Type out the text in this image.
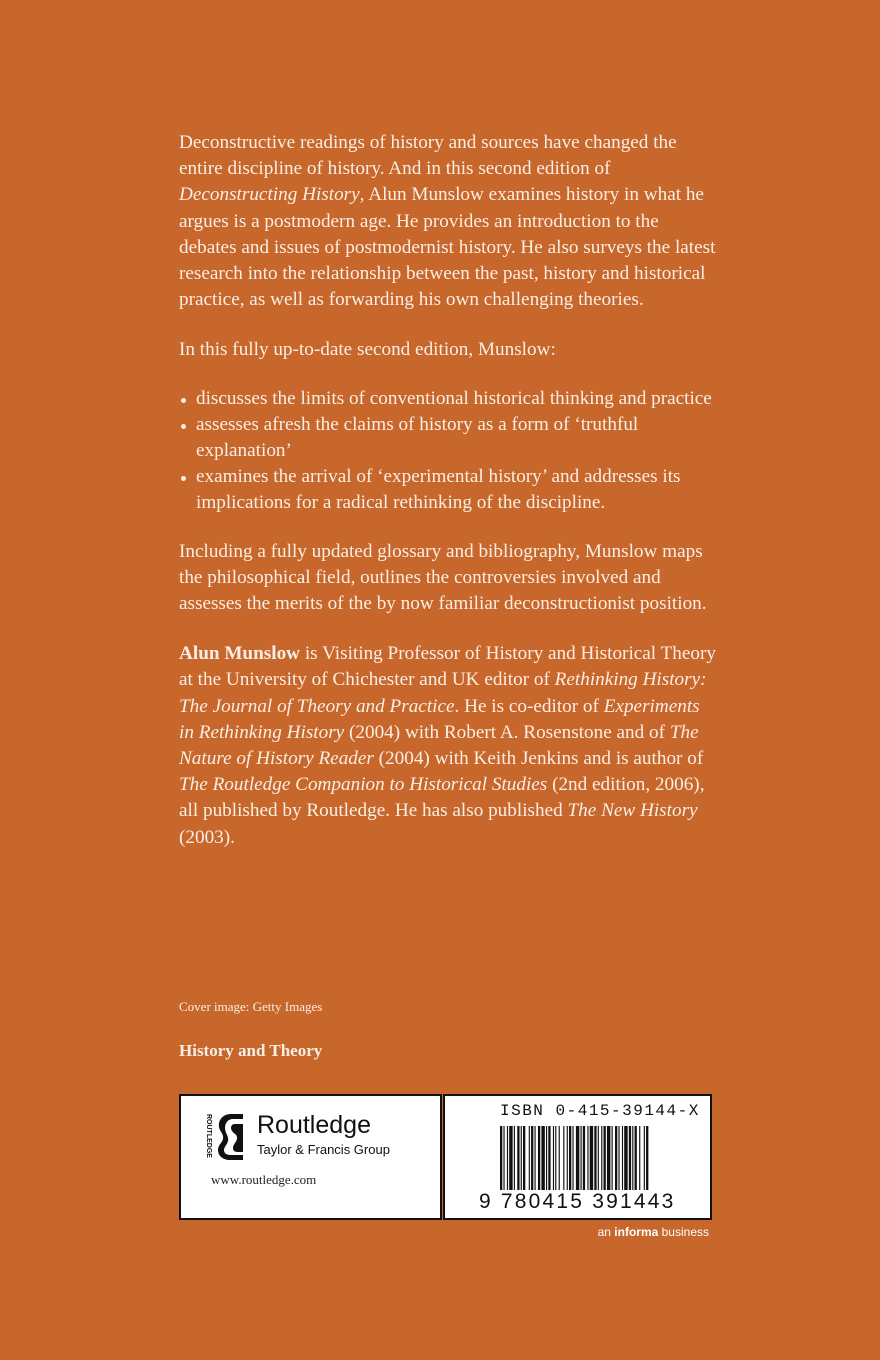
Deconstructive readings of history and sources have changed the entire discipline of history. And in this second edition of Deconstructing History, Alun Munslow examines history in what he argues is a postmodern age. He provides an introduction to the debates and issues of postmodernist history. He also surveys the latest research into the relationship between the past, history and historical practice, as well as forwarding his own challenging theories.

In this fully up-to-date second edition, Munslow:

discusses the limits of conventional historical thinking and practice
assesses afresh the claims of history as a form of ‘truthful explanation’
examines the arrival of ‘experimental history’ and addresses its implications for a radical rethinking of the discipline.

Including a fully updated glossary and bibliography, Munslow maps the philosophical field, outlines the controversies involved and assesses the merits of the by now familiar deconstructionist position.

Alun Munslow is Visiting Professor of History and Historical Theory at the University of Chichester and UK editor of Rethinking History: The Journal of Theory and Practice. He is co-editor of Experiments in Rethinking History (2004) with Robert A. Rosenstone and of The Nature of History Reader (2004) with Keith Jenkins and is author of The Routledge Companion to Historical Studies (2nd edition, 2006), all published by Routledge. He has also published The New History (2003).

Cover image: Getty Images
History and Theory
ROUTLEDGE Routledge
Taylor & Francis Group
www.routledge.com
ISBN 0-415-39144-X
9 780415 391443
an informa business
